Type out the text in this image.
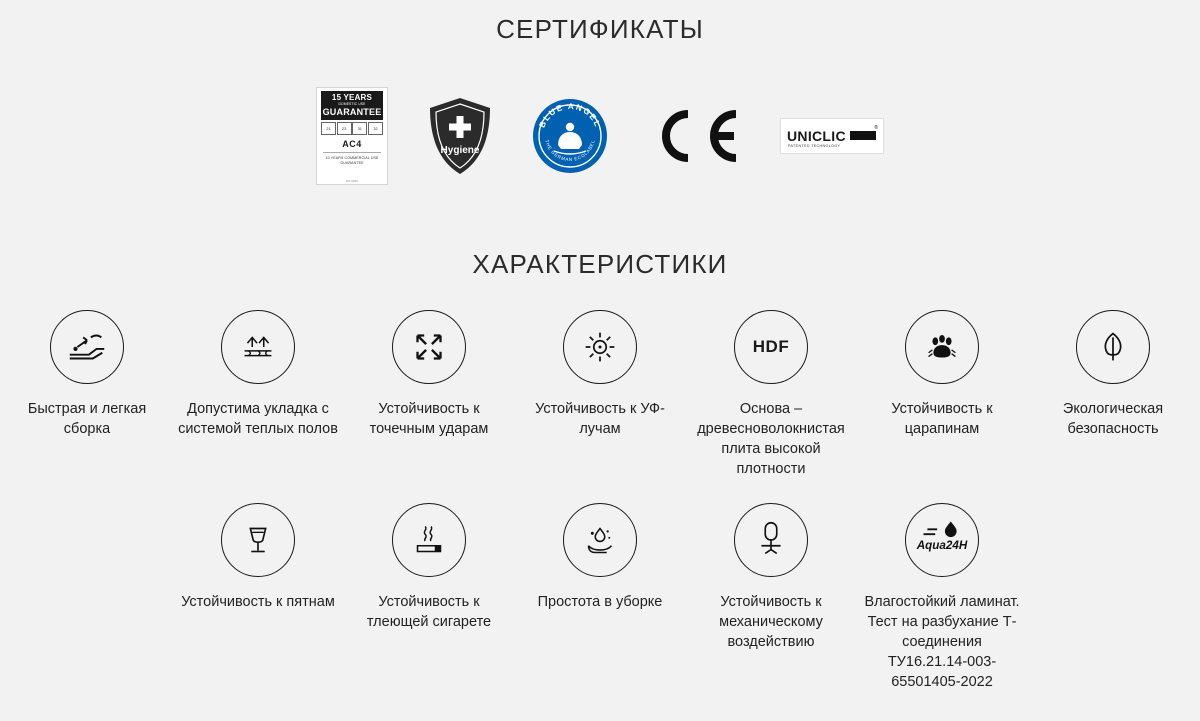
СЕРТИФИКАТЫ
15 YEARS
DOMESTIC USE
GUARANTEE
21	23	31	32
AC4
10 YEARS COMMERCIAL USE GUARANTEE
EN 13329
Hygiene
BLUE ANGEL
THE GERMAN ECOLABEL	UNICLIC	®
PATENTED TECHNOLOGY
ХАРАКТЕРИСТИКИ
Быстрая и легкая сборка
Допустима укладка с системой теплых полов
Устойчивость к точечным ударам
Устойчивость к УФ-лучам
HDF
Основа – древесноволокнистая плита высокой плотности
Устойчивость к царапинам
Экологическая безопасность
Устойчивость к пятнам	Устойчивость к тлеющей сигарете
Простота в уборке	Устойчивость к механическому воздействию
Aqua24H
Влагостойкий ламинат. Тест на разбухание Т-соединения ТУ16.21.14-003-65501405-2022
